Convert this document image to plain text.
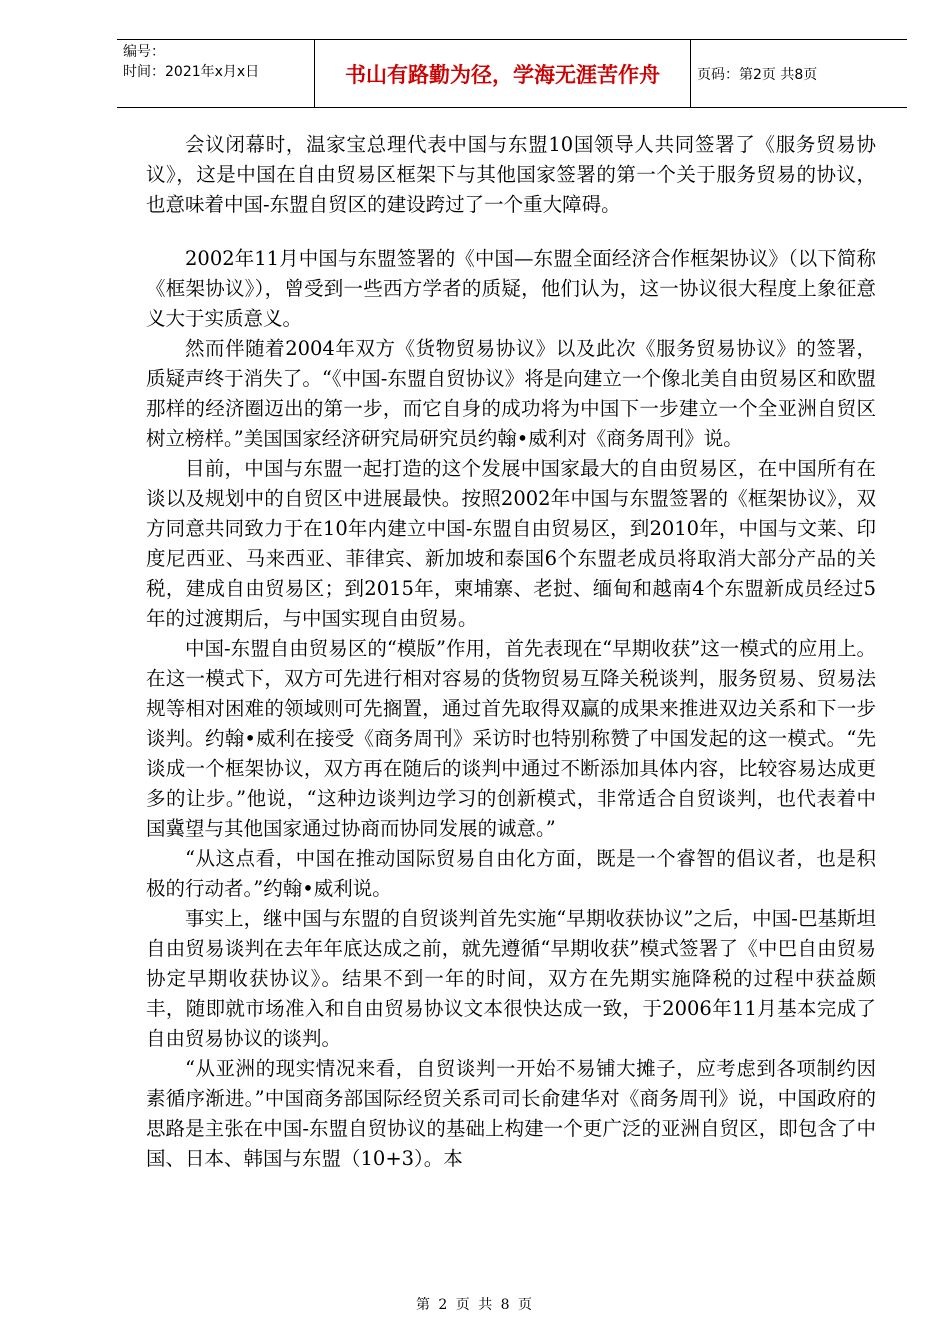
编号：
时间：2021年x月x日	书山有路勤为径，学海无涯苦作舟	页码：第2页 共8页

会议闭幕时，温家宝总理代表中国与东盟10国领导人共同签署了《服务贸易协议》，这是中国在自由贸易区框架下与其他国家签署的第一个关于服务贸易的协议，也意味着中国-东盟自贸区的建设跨过了一个重大障碍。

2002年11月中国与东盟签署的《中国—东盟全面经济合作框架协议》（以下简称《框架协议》），曾受到一些西方学者的质疑，他们认为，这一协议很大程度上象征意义大于实质意义。

然而伴随着2004年双方《货物贸易协议》以及此次《服务贸易协议》的签署，质疑声终于消失了。“《中国-东盟自贸协议》将是向建立一个像北美自由贸易区和欧盟那样的经济圈迈出的第一步，而它自身的成功将为中国下一步建立一个全亚洲自贸区树立榜样。”美国国家经济研究局研究员约翰•威利对《商务周刊》说。

目前，中国与东盟一起打造的这个发展中国家最大的自由贸易区，在中国所有在谈以及规划中的自贸区中进展最快。按照2002年中国与东盟签署的《框架协议》，双方同意共同致力于在10年内建立中国-东盟自由贸易区，到2010年，中国与文莱、印度尼西亚、马来西亚、菲律宾、新加坡和泰国6个东盟老成员将取消大部分产品的关税，建成自由贸易区；到2015年，柬埔寨、老挝、缅甸和越南4个东盟新成员经过5年的过渡期后，与中国实现自由贸易。

中国-东盟自由贸易区的“模版”作用，首先表现在“早期收获”这一模式的应用上。在这一模式下，双方可先进行相对容易的货物贸易互降关税谈判，服务贸易、贸易法规等相对困难的领域则可先搁置，通过首先取得双赢的成果来推进双边关系和下一步谈判。约翰•威利在接受《商务周刊》采访时也特别称赞了中国发起的这一模式。“先谈成一个框架协议，双方再在随后的谈判中通过不断添加具体内容，比较容易达成更多的让步。”他说，“这种边谈判边学习的创新模式，非常适合自贸谈判，也代表着中国冀望与其他国家通过协商而协同发展的诚意。”

“从这点看，中国在推动国际贸易自由化方面，既是一个睿智的倡议者，也是积极的行动者。”约翰•威利说。

事实上，继中国与东盟的自贸谈判首先实施“早期收获协议”之后，中国-巴基斯坦自由贸易谈判在去年年底达成之前，就先遵循“早期收获”模式签署了《中巴自由贸易协定早期收获协议》。结果不到一年的时间，双方在先期实施降税的过程中获益颇丰，随即就市场准入和自由贸易协议文本很快达成一致，于2006年11月基本完成了自由贸易协议的谈判。

“从亚洲的现实情况来看，自贸谈判一开始不易铺大摊子，应考虑到各项制约因素循序渐进。”中国商务部国际经贸关系司司长俞建华对《商务周刊》说，中国政府的思路是主张在中国-东盟自贸协议的基础上构建一个更广泛的亚洲自贸区，即包含了中国、日本、韩国与东盟（10+3）。本

第 2 页 共 8 页
